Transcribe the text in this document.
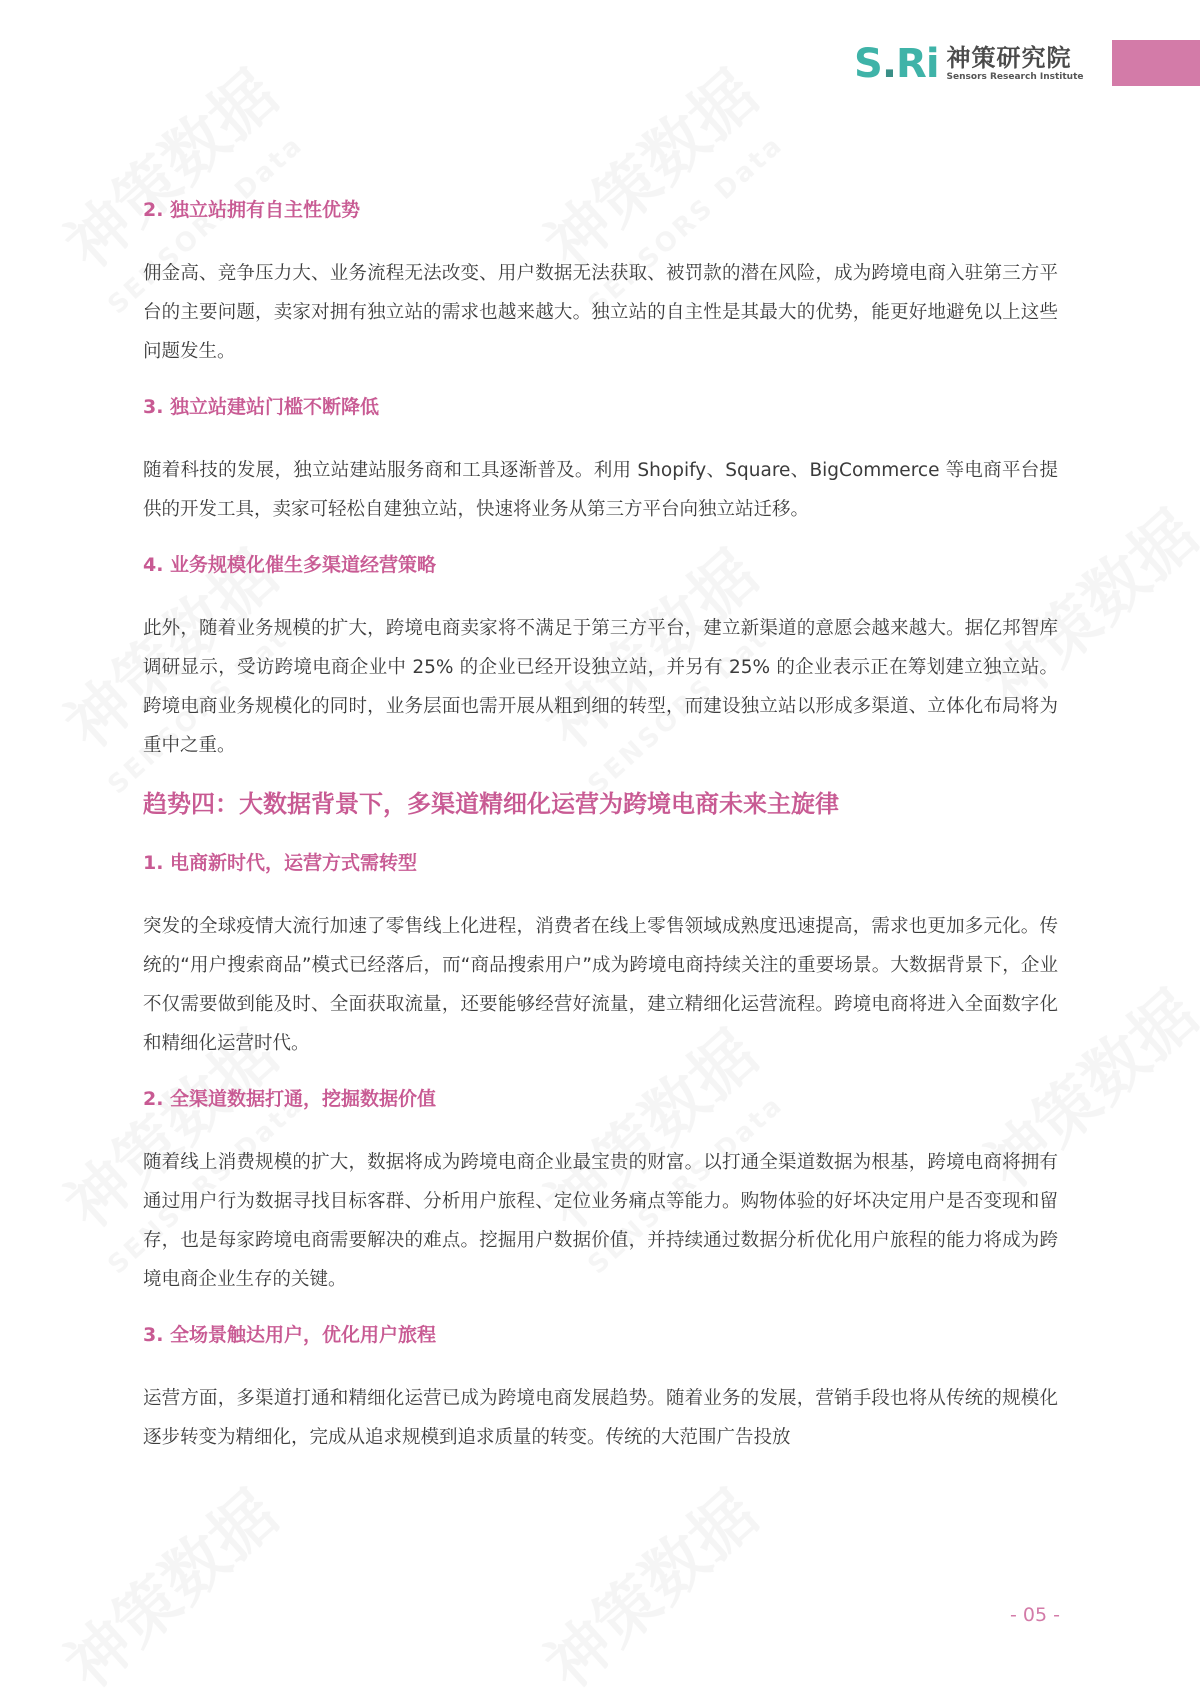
S.Ri 神策研究院
Sensors Research Institute
2. 独立站拥有自主性优势
佣金高、竞争压力大、业务流程无法改变、用户数据无法获取、被罚款的潜在风险，成为跨境电商入驻第三方平台的主要问题，卖家对拥有独立站的需求也越来越大。独立站的自主性是其最大的优势，能更好地避免以上这些问题发生。
3. 独立站建站门槛不断降低
随着科技的发展，独立站建站服务商和工具逐渐普及。利用 Shopify、Square、BigCommerce 等电商平台提供的开发工具，卖家可轻松自建独立站，快速将业务从第三方平台向独立站迁移。
4. 业务规模化催生多渠道经营策略
此外，随着业务规模的扩大，跨境电商卖家将不满足于第三方平台，建立新渠道的意愿会越来越大。据亿邦智库调研显示，受访跨境电商企业中 25% 的企业已经开设独立站，并另有 25% 的企业表示正在筹划建立独立站。跨境电商业务规模化的同时，业务层面也需开展从粗到细的转型，而建设独立站以形成多渠道、立体化布局将为重中之重。
趋势四：大数据背景下，多渠道精细化运营为跨境电商未来主旋律
1. 电商新时代，运营方式需转型
突发的全球疫情大流行加速了零售线上化进程，消费者在线上零售领域成熟度迅速提高，需求也更加多元化。传统的“用户搜索商品”模式已经落后，而“商品搜索用户”成为跨境电商持续关注的重要场景。大数据背景下，企业不仅需要做到能及时、全面获取流量，还要能够经营好流量，建立精细化运营流程。跨境电商将进入全面数字化和精细化运营时代。
2. 全渠道数据打通，挖掘数据价值
随着线上消费规模的扩大，数据将成为跨境电商企业最宝贵的财富。以打通全渠道数据为根基，跨境电商将拥有通过用户行为数据寻找目标客群、分析用户旅程、定位业务痛点等能力。购物体验的好坏决定用户是否变现和留存，也是每家跨境电商需要解决的难点。挖掘用户数据价值，并持续通过数据分析优化用户旅程的能力将成为跨境电商企业生存的关键。
3. 全场景触达用户，优化用户旅程
运营方面，多渠道打通和精细化运营已成为跨境电商发展趋势。随着业务的发展，营销手段也将从传统的规模化逐步转变为精细化，完成从追求规模到追求质量的转变。传统的大范围广告投放
- 05 -
